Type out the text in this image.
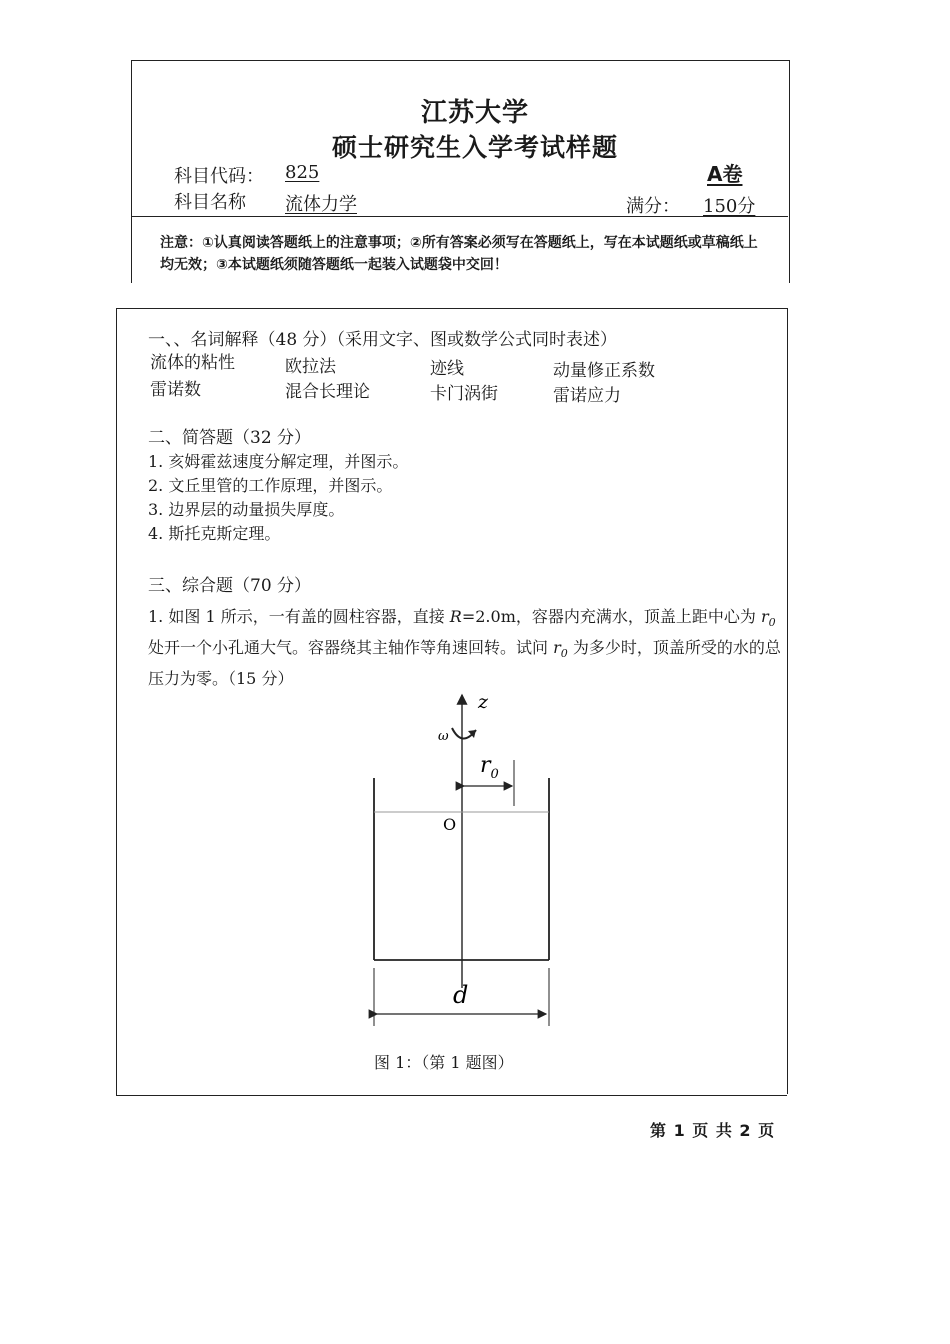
江苏大学
硕士研究生入学考试样题
科目代码： 825	A卷
科目名称 流体力学	满分： 150分
注意：①认真阅读答题纸上的注意事项；②所有答案必须写在答题纸上，写在本试题纸或草稿纸上均无效；③本试题纸须随答题纸一起装入试题袋中交回！
一、、名词解释（48 分）（采用文字、图或数学公式同时表述）
流体的粘性	欧拉法	迹线	动量修正系数
雷诺数	混合长理论	卡门涡街	雷诺应力
二、简答题（32 分）
1. 亥姆霍兹速度分解定理，并图示。
2. 文丘里管的工作原理，并图示。
3. 边界层的动量损失厚度。
4. 斯托克斯定理。
三、综合题（70 分）
1. 如图 1 所示，一有盖的圆柱容器，直接 R=2.0m，容器内充满水，顶盖上距中心为 $r_0$ 处开一个小孔通大气。容器绕其主轴作等角速回转。试问 $r_0$ 为多少时，顶盖所受的水的总压力为零。（15 分）
z
ω
$r_0$
O
d
图 1：（第 1 题图）
第 1 页 共 2 页
